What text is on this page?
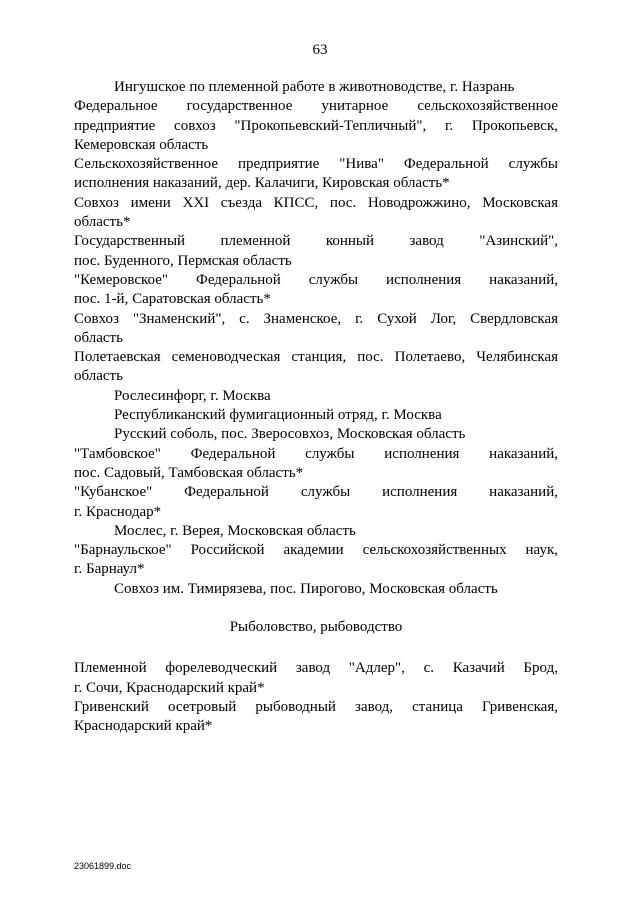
63

Ингушское по племенной работе в животноводстве, г. Назрань

Федеральное государственное унитарное сельскохозяйственное
предприятие совхоз "Прокопьевский-Тепличный", г. Прокопьевск,
Кемеровская область

Сельскохозяйственное предприятие "Нива" Федеральной службы
исполнения наказаний, дер. Калачиги, Кировская область*

Совхоз имени XXI съезда КПСС, пос. Новодрожжино, Московская
область*

Государственный племенной конный завод "Азинский",
пос. Буденного, Пермская область

"Кемеровское" Федеральной службы исполнения наказаний,
пос. 1-й, Саратовская область*

Совхоз "Знаменский", с. Знаменское, г. Сухой Лог, Свердловская
область

Полетаевская семеноводческая станция, пос. Полетаево, Челябинская
область

Рослесинфорг, г. Москва

Республиканский фумигационный отряд, г. Москва

Русский соболь, пос. Зверосовхоз, Московская область

"Тамбовское" Федеральной службы исполнения наказаний,
пос. Садовый, Тамбовская область*

"Кубанское" Федеральной службы исполнения наказаний,
г. Краснодар*

Мослес, г. Верея, Московская область

"Барнаульское" Российской академии сельскохозяйственных наук,
г. Барнаул*

Совхоз им. Тимирязева, пос. Пирогово, Московская область

Рыболовство, рыбоводство

Племенной форелеводческий завод "Адлер", с. Казачий Брод,
г. Сочи, Краснодарский край*

Гривенский осетровый рыбоводный завод, станица Гривенская,
Краснодарский край*

23061899.doc
